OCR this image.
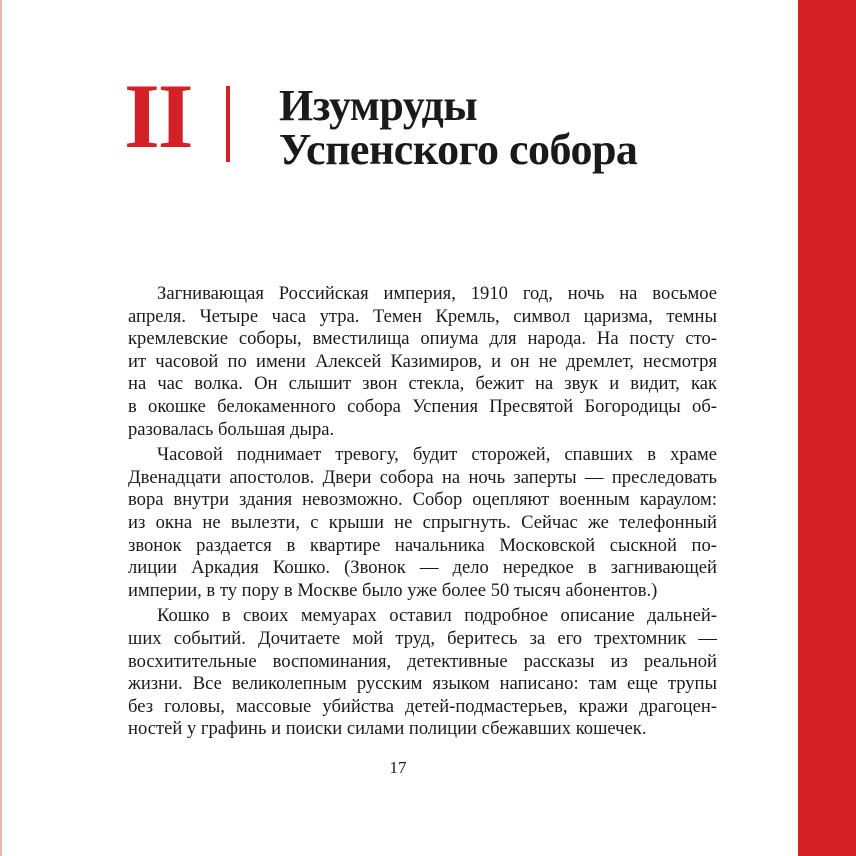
II Изумруды
Успенского собора
Загнивающая Российская империя, 1910 год, ночь на восьмое
апреля. Четыре часа утра. Темен Кремль, символ царизма, темны
кремлевские соборы, вместилища опиума для народа. На посту сто-
ит часовой по имени Алексей Казимиров, и он не дремлет, несмотря
на час волка. Он слышит звон стекла, бежит на звук и видит, как
в окошке белокаменного собора Успения Пресвятой Богородицы об-
разовалась большая дыра.
Часовой поднимает тревогу, будит сторожей, спавших в храме
Двенадцати апостолов. Двери собора на ночь заперты — преследовать
вора внутри здания невозможно. Собор оцепляют военным караулом:
из окна не вылезти, с крыши не спрыгнуть. Сейчас же телефонный
звонок раздается в квартире начальника Московской сыскной по-
лиции Аркадия Кошко. (Звонок — дело нередкое в загнивающей
империи, в ту пору в Москве было уже более 50 тысяч абонентов.)
Кошко в своих мемуарах оставил подробное описание дальней-
ших событий. Дочитаете мой труд, беритесь за его трехтомник —
восхитительные воспоминания, детективные рассказы из реальной
жизни. Все великолепным русским языком написано: там еще трупы
без головы, массовые убийства детей-подмастерьев, кражи драгоцен-
ностей у графинь и поиски силами полиции сбежавших кошечек.
17
